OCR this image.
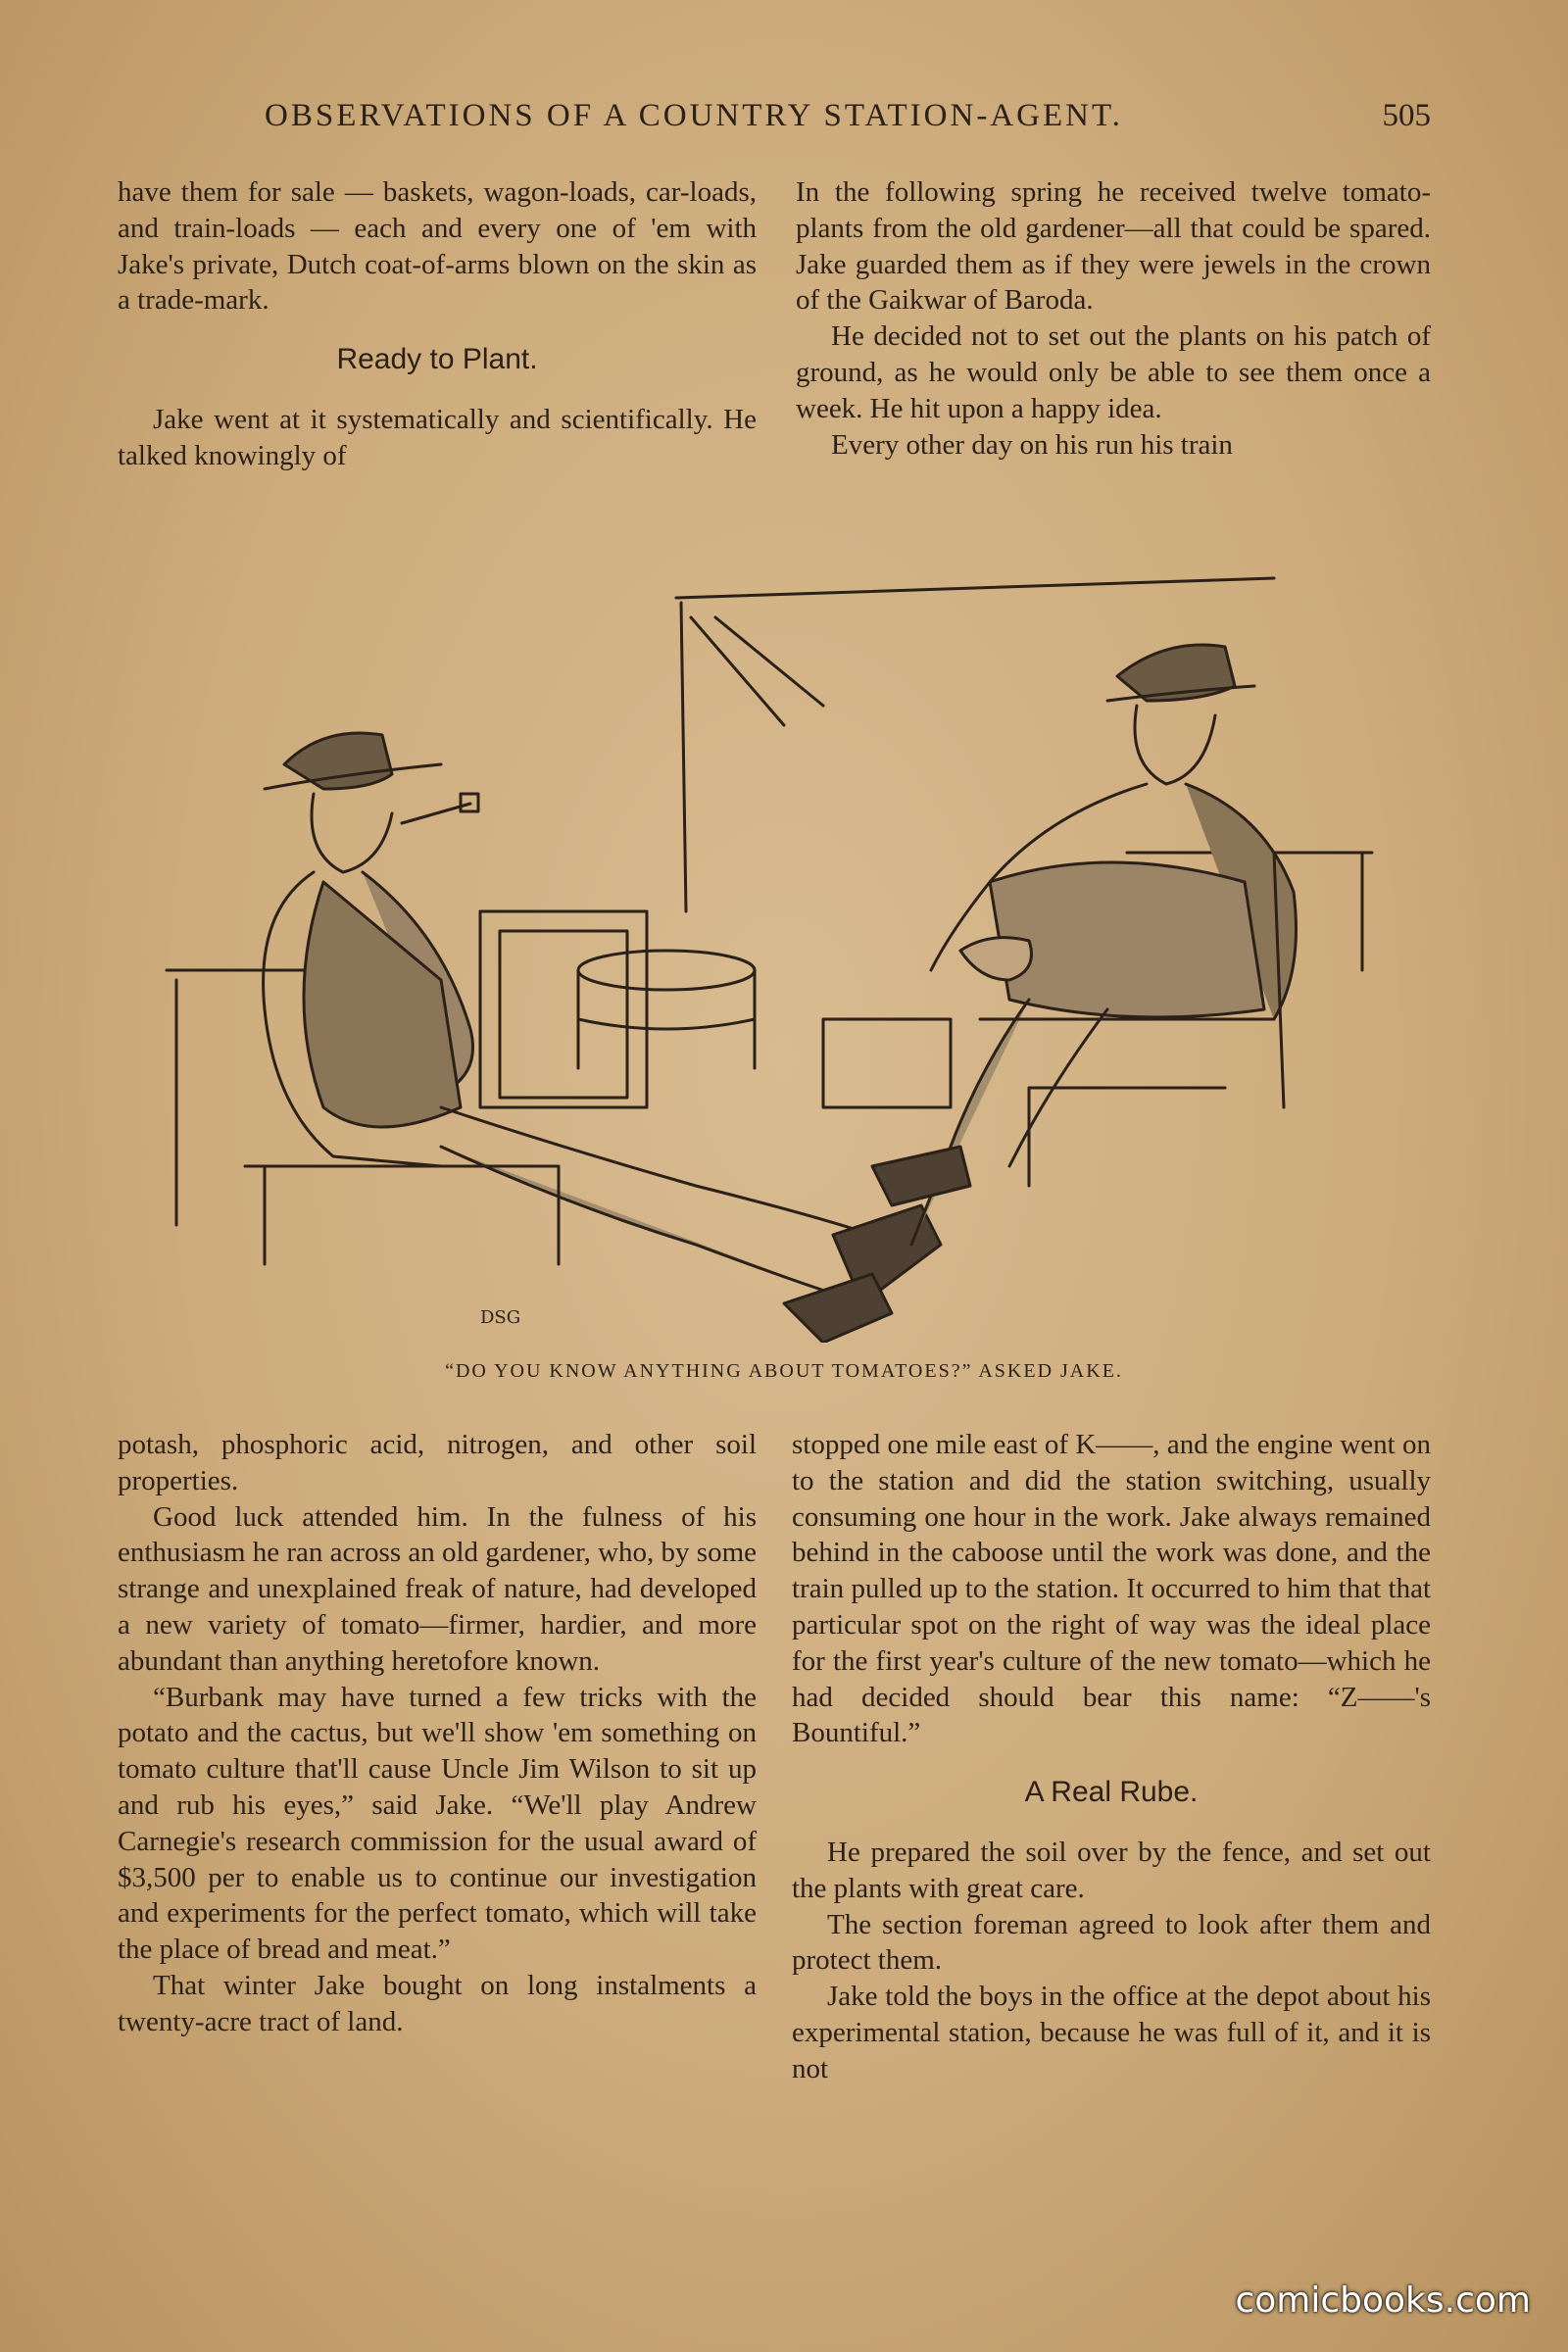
OBSERVATIONS OF A COUNTRY STATION-AGENT.	505

have them for sale — baskets, wagon-loads, car-loads, and train-loads — each and every one of 'em with Jake's private, Dutch coat-of-arms blown on the skin as a trade-mark.

Ready to Plant.

Jake went at it systematically and scientifically. He talked knowingly of

In the following spring he received twelve tomato-plants from the old gardener—all that could be spared. Jake guarded them as if they were jewels in the crown of the Gaikwar of Baroda.

He decided not to set out the plants on his patch of ground, as he would only be able to see them once a week. He hit upon a happy idea.

Every other day on his run his train

DSG
“DO YOU KNOW ANYTHING ABOUT TOMATOES?” ASKED JAKE.

potash, phosphoric acid, nitrogen, and other soil properties.

Good luck attended him. In the fulness of his enthusiasm he ran across an old gardener, who, by some strange and unexplained freak of nature, had developed a new variety of tomato—firmer, hardier, and more abundant than anything heretofore known.

“Burbank may have turned a few tricks with the potato and the cactus, but we'll show 'em something on tomato culture that'll cause Uncle Jim Wilson to sit up and rub his eyes,” said Jake. “We'll play Andrew Carnegie's research commission for the usual award of $3,500 per to enable us to continue our investigation and experiments for the perfect tomato, which will take the place of bread and meat.”

That winter Jake bought on long instalments a twenty-acre tract of land.

stopped one mile east of K——, and the engine went on to the station and did the station switching, usually consuming one hour in the work. Jake always remained behind in the caboose until the work was done, and the train pulled up to the station. It occurred to him that that particular spot on the right of way was the ideal place for the first year's culture of the new tomato—which he had decided should bear this name: “Z——'s Bountiful.”

A Real Rube.

He prepared the soil over by the fence, and set out the plants with great care.

The section foreman agreed to look after them and protect them.

Jake told the boys in the office at the depot about his experimental station, because he was full of it, and it is not

comicbooks.com
